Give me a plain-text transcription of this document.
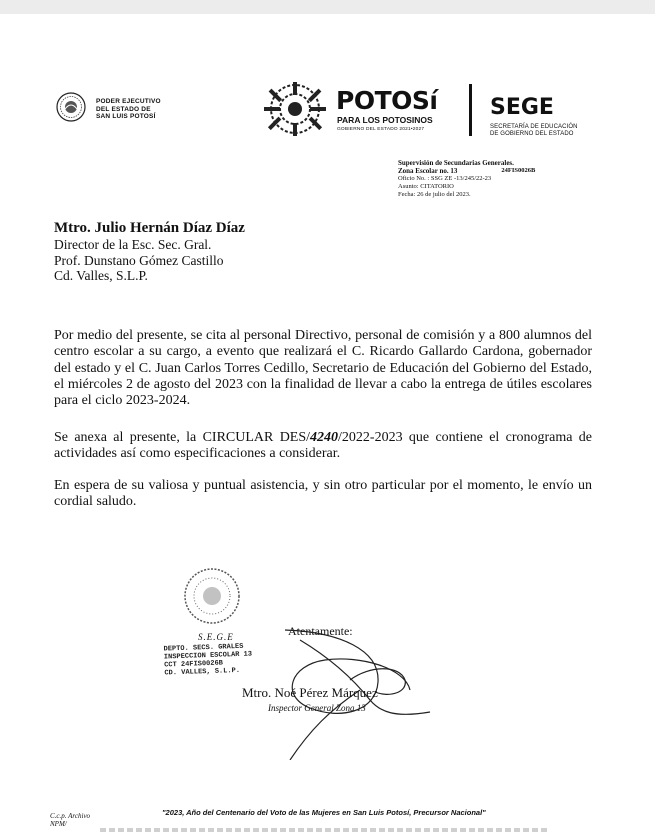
PODER EJECUTIVO
DEL ESTADO DE
SAN LUIS POTOSÍ
POTOSí
PARA LOS POTOSINOS
GOBIERNO DEL ESTADO 2021•2027
SEGE
SECRETARÍA DE EDUCACIÓN
DE GOBIERNO DEL ESTADO
Supervisión de Secundarias Generales.
Zona Escolar no. 13	24FIS0026B
Oficio No. : SSG ZE -13/245/22-23
Asunto: CITATORIO
Fecha: 26 de julio del 2023.
Mtro. Julio Hernán Díaz Díaz
Director de la Esc. Sec. Gral.
Prof. Dunstano Gómez Castillo
Cd. Valles, S.L.P.
Por medio del presente, se cita al personal Directivo, personal de comisión y a 800 alumnos del centro escolar a su cargo, a evento que realizará el C. Ricardo Gallardo Cardona, gobernador del estado y el C. Juan Carlos Torres Cedillo, Secretario de Educación del Gobierno del Estado, el miércoles 2 de agosto del 2023 con la finalidad de llevar a cabo la entrega de útiles escolares para el ciclo 2023-2024.
Se anexa al presente, la CIRCULAR DES/4240/2022-2023 que contiene el cronograma de actividades así como especificaciones a considerar.
En espera de su valiosa y puntual asistencia, y sin otro particular por el momento, le envío un cordial saludo.
S.E.G.E
DEPTO. SECS. GRALES
INSPECCION ESCOLAR 13
CCT 24FIS0026B
CD. VALLES, S.L.P.
Atentamente:
Mtro. Noé Pérez Márquez
Inspector General Zona 13
C.c.p. Archivo
NPM/
"2023, Año del Centenario del Voto de las Mujeres en San Luis Potosí, Precursor Nacional"
